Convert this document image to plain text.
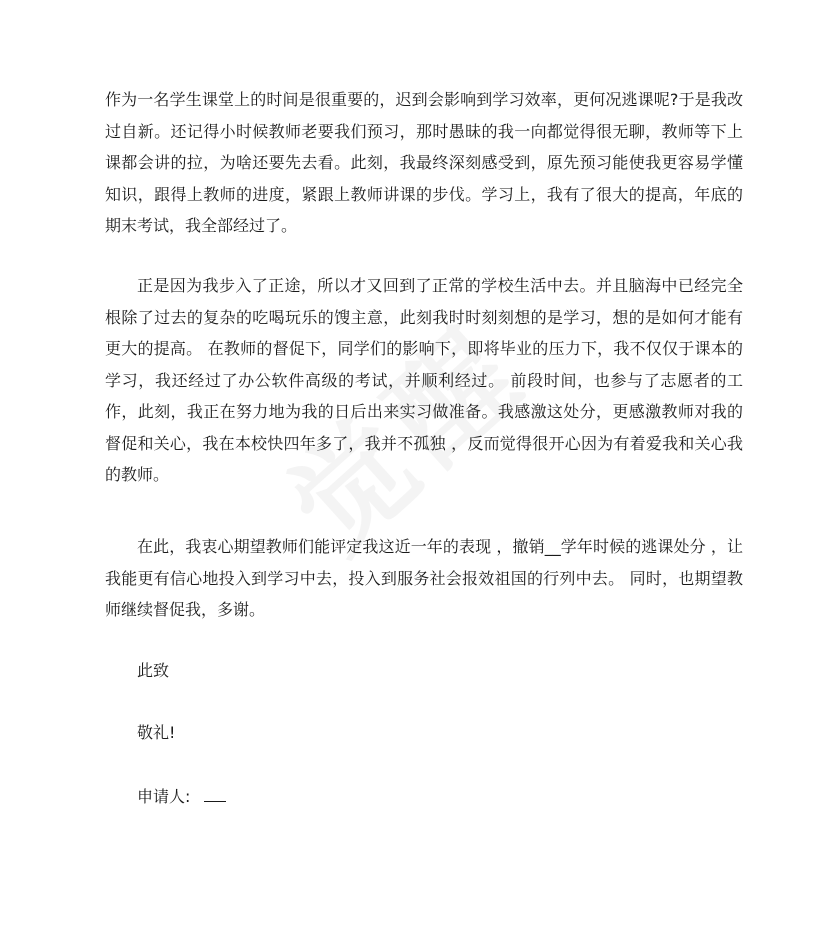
作为一名学生课堂上的时间是很重要的，迟到会影响到学习效率，更何况逃课呢?于是我改过自新。还记得小时候教师老要我们预习，那时愚昧的我一向都觉得很无聊，教师等下上课都会讲的拉，为啥还要先去看。此刻，我最终深刻感受到，原先预习能使我更容易学懂知识，跟得上教师的进度，紧跟上教师讲课的步伐。学习上，我有了很大的提高，年底的期末考试，我全部经过了。

正是因为我步入了正途，所以才又回到了正常的学校生活中去。并且脑海中已经完全根除了过去的复杂的吃喝玩乐的馊主意，此刻我时时刻刻想的是学习，想的是如何才能有更大的提高。 在教师的督促下，同学们的影响下，即将毕业的压力下，我不仅仅于课本的学习，我还经过了办公软件高级的考试，并顺利经过。 前段时间，也参与了志愿者的工作，此刻，我正在努力地为我的日后出来实习做准备。我感激这处分，更感激教师对我的督促和关心，我在本校快四年多了，我并不孤独 ，反而觉得很开心因为有着爱我和关心我的教师。

在此，我衷心期望教师们能评定我这近一年的表现 ，撤销__学年时候的逃课处分 ，让我能更有信心地投入到学习中去，投入到服务社会报效祖国的行列中去。 同时，也期望教师继续督促我，多谢。

此致

敬礼!

申请人:
